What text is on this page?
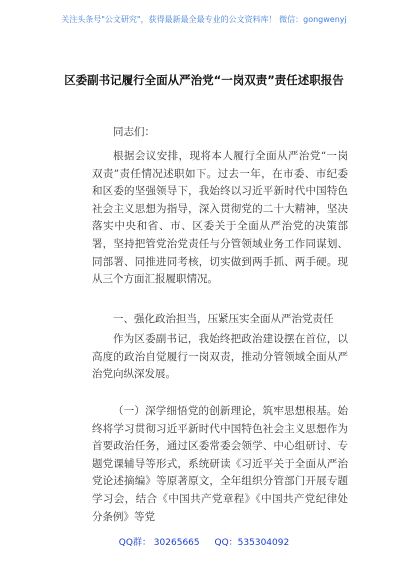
关注头条号"公文研究"，获得最新最全最专业的公文资料库！ 微信：gongwenyj
区委副书记履行全面从严治党“一岗双责”责任述职报告

同志们：

根据会议安排，现将本人履行全面从严治党“一岗双责”责任情况述职如下。过去一年，在市委、市纪委和区委的坚强领导下，我始终以习近平新时代中国特色社会主义思想为指导，深入贯彻党的二十大精神，坚决落实中央和省、市、区委关于全面从严治党的决策部署，坚持把管党治党责任与分管领域业务工作同谋划、同部署、同推进同考核，切实做到两手抓、两手硬。现从三个方面汇报履职情况。

一、强化政治担当，压紧压实全面从严治党责任

作为区委副书记，我始终把政治建设摆在首位，以高度的政治自觉履行一岗双责，推动分管领域全面从严治党向纵深发展。

（一）深学细悟党的创新理论，筑牢思想根基。始终将学习贯彻习近平新时代中国特色社会主义思想作为首要政治任务，通过区委常委会领学、中心组研讨、专题党课辅导等形式，系统研读《习近平关于全面从严治党论述摘编》等原著原文，全年组织分管部门开展专题学习会，结合《中国共产党章程》《中国共产党纪律处分条例》等党

QQ群： 30265665 QQ：535304092
